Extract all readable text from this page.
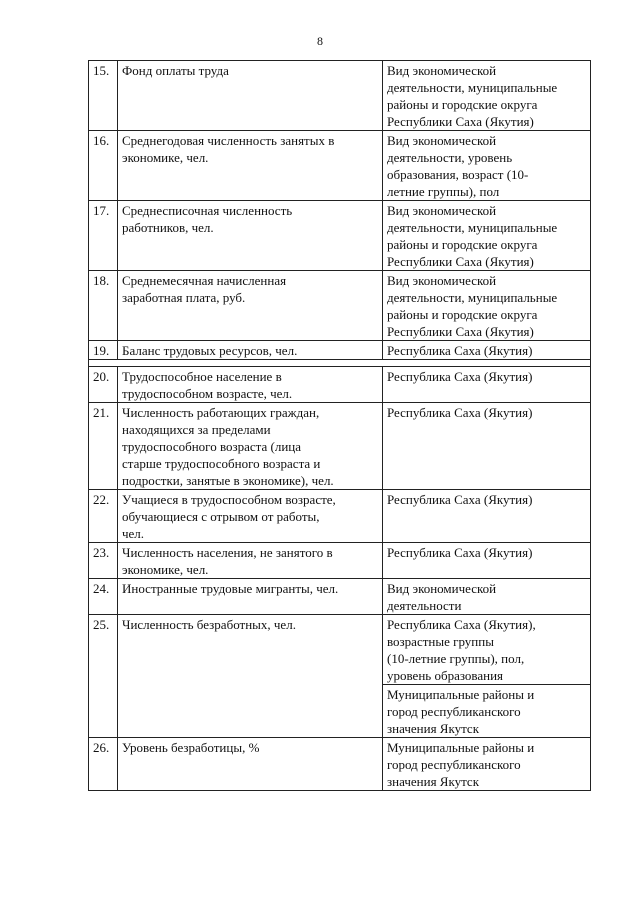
8
15.	Фонд оплаты труда	Вид экономической
деятельности, муниципальные
районы и городские округа
Республики Саха (Якутия)
16.	Среднегодовая численность занятых в
экономике, чел.	Вид экономической
деятельности, уровень
образования, возраст (10-
летние группы), пол
17.	Среднесписочная численность
работников, чел.	Вид экономической
деятельности, муниципальные
районы и городские округа
Республики Саха (Якутия)
18.	Среднемесячная начисленная
заработная плата, руб.	Вид экономической
деятельности, муниципальные
районы и городские округа
Республики Саха (Якутия)
19.	Баланс трудовых ресурсов, чел.	Республика Саха (Якутия)

20.	Трудоспособное население в
трудоспособном возрасте, чел.	Республика Саха (Якутия)
21.	Численность работающих граждан,
находящихся за пределами
трудоспособного возраста (лица
старше трудоспособного возраста и
подростки, занятые в экономике), чел.	Республика Саха (Якутия)
22.	Учащиеся в трудоспособном возрасте,
обучающиеся с отрывом от работы,
чел.	Республика Саха (Якутия)
23.	Численность населения, не занятого в
экономике, чел.	Республика Саха (Якутия)
24.	Иностранные трудовые мигранты, чел.	Вид экономической
деятельности
25.	Численность безработных, чел.	Республика Саха (Якутия),
возрастные группы
(10-летние группы), пол,
уровень образования
		Муниципальные районы и
город республиканского
значения Якутск
26.	Уровень безработицы, %	Муниципальные районы и
город республиканского
значения Якутск
